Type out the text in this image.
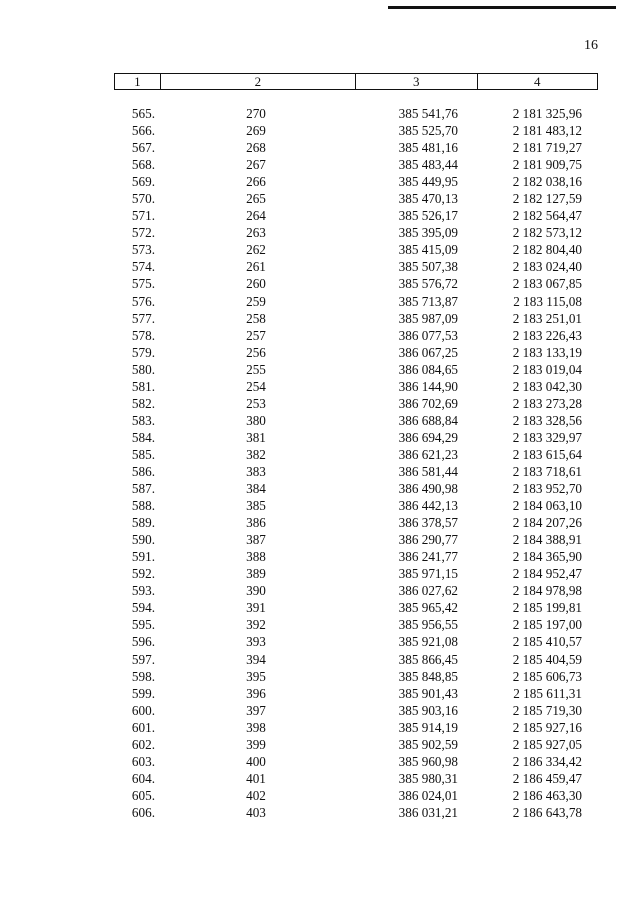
16
1	2	3	4
565.	270	385 541,76	2 181 325,96
566.	269	385 525,70	2 181 483,12
567.	268	385 481,16	2 181 719,27
568.	267	385 483,44	2 181 909,75
569.	266	385 449,95	2 182 038,16
570.	265	385 470,13	2 182 127,59
571.	264	385 526,17	2 182 564,47
572.	263	385 395,09	2 182 573,12
573.	262	385 415,09	2 182 804,40
574.	261	385 507,38	2 183 024,40
575.	260	385 576,72	2 183 067,85
576.	259	385 713,87	2 183 115,08
577.	258	385 987,09	2 183 251,01
578.	257	386 077,53	2 183 226,43
579.	256	386 067,25	2 183 133,19
580.	255	386 084,65	2 183 019,04
581.	254	386 144,90	2 183 042,30
582.	253	386 702,69	2 183 273,28
583.	380	386 688,84	2 183 328,56
584.	381	386 694,29	2 183 329,97
585.	382	386 621,23	2 183 615,64
586.	383	386 581,44	2 183 718,61
587.	384	386 490,98	2 183 952,70
588.	385	386 442,13	2 184 063,10
589.	386	386 378,57	2 184 207,26
590.	387	386 290,77	2 184 388,91
591.	388	386 241,77	2 184 365,90
592.	389	385 971,15	2 184 952,47
593.	390	386 027,62	2 184 978,98
594.	391	385 965,42	2 185 199,81
595.	392	385 956,55	2 185 197,00
596.	393	385 921,08	2 185 410,57
597.	394	385 866,45	2 185 404,59
598.	395	385 848,85	2 185 606,73
599.	396	385 901,43	2 185 611,31
600.	397	385 903,16	2 185 719,30
601.	398	385 914,19	2 185 927,16
602.	399	385 902,59	2 185 927,05
603.	400	385 960,98	2 186 334,42
604.	401	385 980,31	2 186 459,47
605.	402	386 024,01	2 186 463,30
606.	403	386 031,21	2 186 643,78
